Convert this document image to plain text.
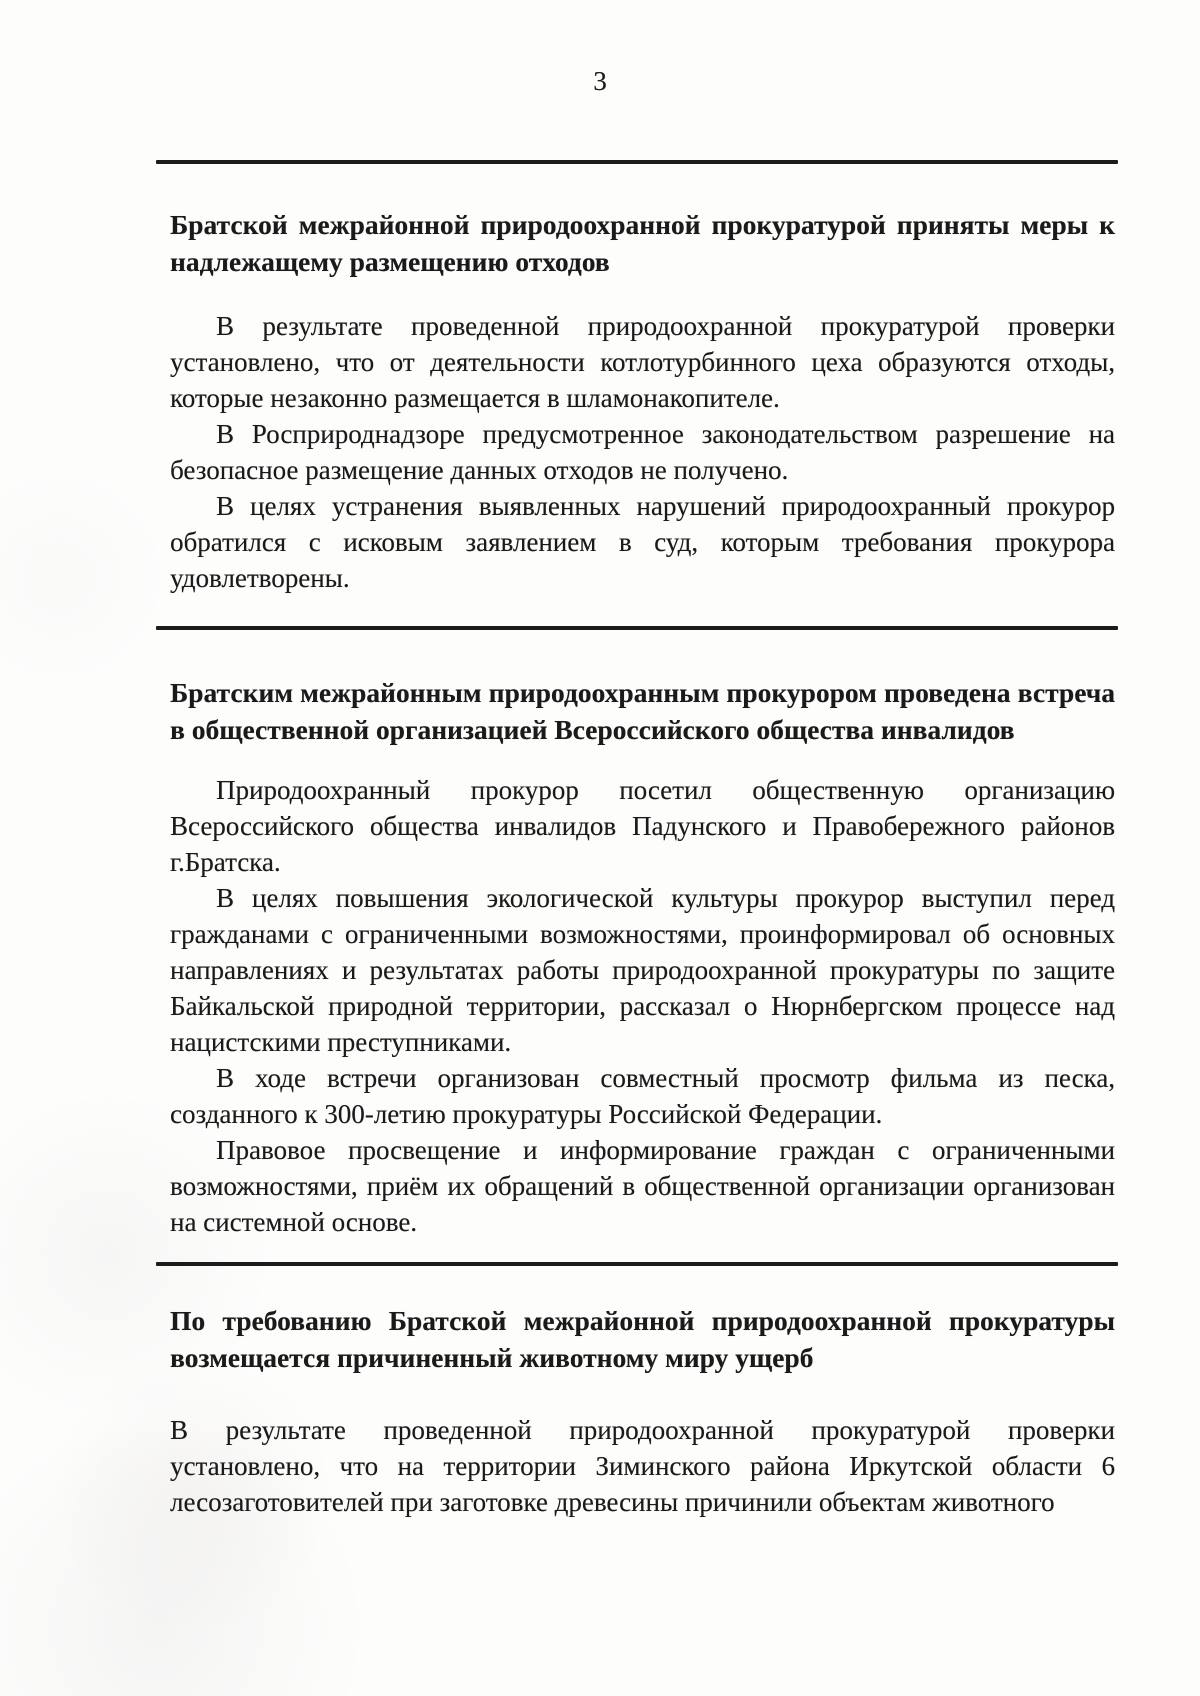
3
Братской межрайонной природоохранной прокуратурой приняты меры к надлежащему размещению отходов

В результате проведенной природоохранной прокуратурой проверки установлено, что от деятельности котлотурбинного цеха образуются отходы, которые незаконно размещается в шламонакопителе.

В Росприроднадзоре предусмотренное законодательством разрешение на безопасное размещение данных отходов не получено.

В целях устранения выявленных нарушений природоохранный прокурор обратился с исковым заявлением в суд, которым требования прокурора удовлетворены.

Братским межрайонным природоохранным прокурором проведена встреча в общественной организацией Всероссийского общества инвалидов

Природоохранный прокурор посетил общественную организацию Всероссийского общества инвалидов Падунского и Правобережного районов г.Братска.

В целях повышения экологической культуры прокурор выступил перед гражданами с ограниченными возможностями, проинформировал об основных направлениях и результатах работы природоохранной прокуратуры по защите Байкальской природной территории, рассказал о Нюрнбергском процессе над нацистскими преступниками.

В ходе встречи организован совместный просмотр фильма из песка, созданного к 300-летию прокуратуры Российской Федерации.

Правовое просвещение и информирование граждан с ограниченными возможностями, приём их обращений в общественной организации организован на системной основе.

По требованию Братской межрайонной природоохранной прокуратуры возмещается причиненный животному миру ущерб

В результате проведенной природоохранной прокуратурой проверки установлено, что на территории Зиминского района Иркутской области 6 лесозаготовителей при заготовке древесины причинили объектам животного
